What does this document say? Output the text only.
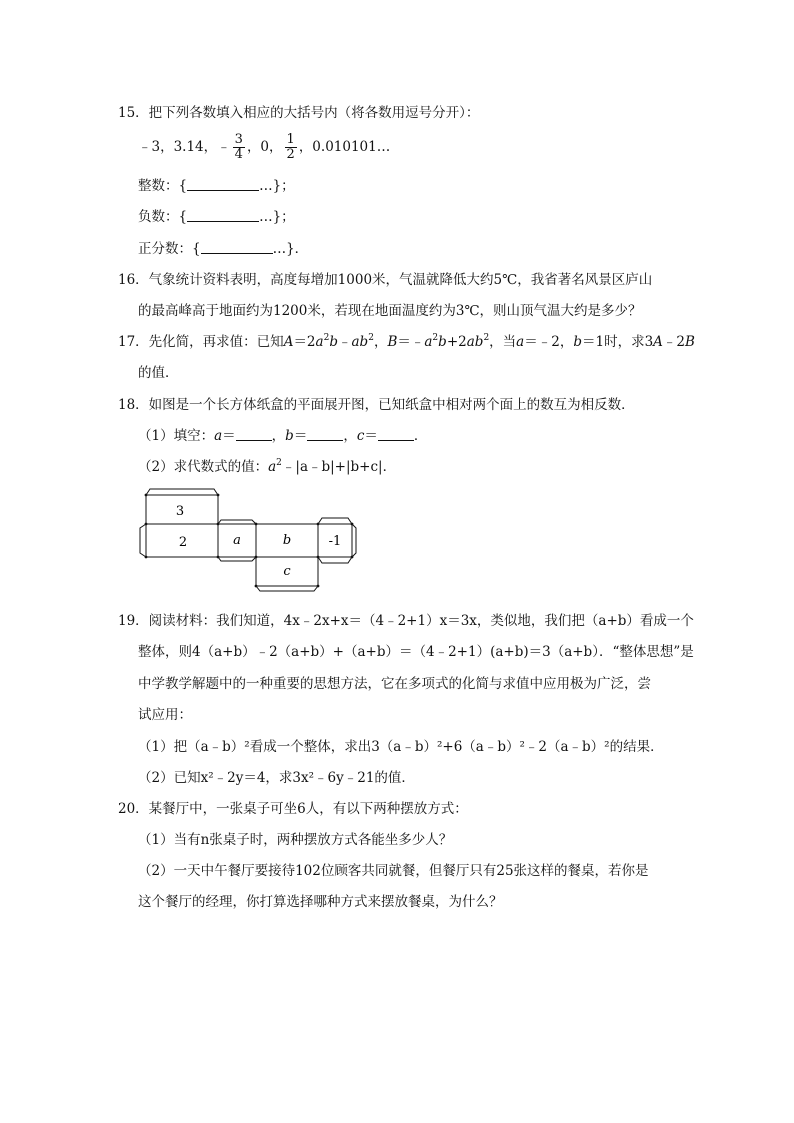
15．把下列各数填入相应的大括号内（将各数用逗号分开）：
﹣3，3.14，﹣ $\frac{3}{4}$ ，0， $\frac{1}{2}$ ，0.010101…
整数：{	…}；
负数：{	…}；
正分数：{	…}．
16．气象统计资料表明，高度每增加1000米，气温就降低大约5℃，我省著名风景区庐山
的最高峰高于地面约为1200米，若现在地面温度约为3℃，则山顶气温大约是多少？
17．先化简，再求值：已知$A=2a^2b﹣ab^2$，$B=﹣a^2b+2ab^2$，当a＝﹣2，b＝1时，求3A﹣2B
的值．
18．如图是一个长方体纸盒的平面展开图，已知纸盒中相对两个面上的数互为相反数．
（1）填空：a＝	，b＝	，c＝	．
（2）求代数式的值：$a^2﹣|a﹣b|+|b+c|$．
3
2	a	b	-1
c
19．阅读材料：我们知道，4x﹣2x+x＝（4﹣2+1）x＝3x，类似地，我们把（a+b）看成一个
整体，则4（a+b）﹣2（a+b）+（a+b）＝（4﹣2+1）(a+b)＝3（a+b）．“整体思想”是
中学教学解题中的一种重要的思想方法，它在多项式的化简与求值中应用极为广泛，尝
试应用：
（1）把（a﹣b）²看成一个整体，求出3（a﹣b）²+6（a﹣b）²﹣2（a﹣b）²的结果．
（2）已知x²﹣2y＝4，求3x²﹣6y﹣21的值．
20．某餐厅中，一张桌子可坐6人，有以下两种摆放方式：
（1）当有n张桌子时，两种摆放方式各能坐多少人？
（2）一天中午餐厅要接待102位顾客共同就餐，但餐厅只有25张这样的餐桌，若你是
这个餐厅的经理，你打算选择哪种方式来摆放餐桌，为什么？
